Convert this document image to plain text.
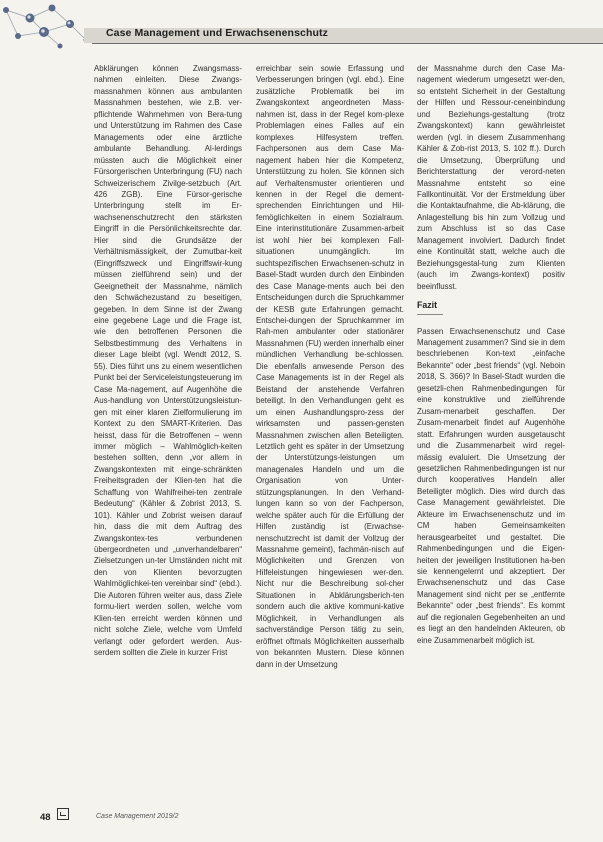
Case Management und Erwachsenenschutz

Abklärungen können Zwangsmass-nahmen einleiten. Diese Zwangs-massnahmen können aus ambulanten Massnahmen bestehen, wie z.B. ver-pflichtende Wahrnehmen von Bera-tung und Unterstützung im Rahmen des Case Managements oder eine ärztliche ambulante Behandlung. Al-lerdings müssten auch die Möglichkeit einer Fürsorgerischen Unterbringung (FU) nach Schweizerischem Zivilge-setzbuch (Art. 426 ZGB). Eine Fürsor-gerische Unterbringung stellt im Er-wachsenenschutzrecht den stärksten Eingriff in die Persönlichkeitsrechte dar. Hier sind die Grundsätze der Verhältnismässigkeit, der Zumutbar-keit (Eingriffszweck und Eingriffswir-kung müssen zielführend sein) und der Geeignetheit der Massnahme, nämlich den Schwächezustand zu beseitigen, gegeben. In dem Sinne ist der Zwang eine gegebene Lage und die Frage ist, wie den betroffenen Personen die Selbstbestimmung des Verhaltens in dieser Lage bleibt (vgl. Wendt 2012, S. 55). Dies führt uns zu einem wesentlichen Punkt bei der Serviceleistungsteuerung im Case Ma-nagement, auf Augenhöhe die Aus-handlung von Unterstützungsleistun-gen mit einer klaren Zielformulierung im Kontext zu den SMART-Kriterien. Das heisst, dass für die Betroffenen – wenn immer möglich – Wahlmöglich-keiten bestehen sollten, denn „vor allem in Zwangskontexten mit einge-schränkten Freiheitsgraden der Klien-ten hat die Schaffung von Wahlfreihei-ten zentrale Bedeutung“ (Kähler & Zobrist 2013, S. 101). Kähler und Zobrist weisen darauf hin, dass die mit dem Auftrag des Zwangskontex-tes verbundenen übergeordneten und „unverhandelbaren“ Zielsetzungen un-ter Umständen nicht mit den von Klienten bevorzugten Wahlmöglichkei-ten vereinbar sind“ (ebd.). Die Autoren führen weiter aus, dass Ziele formu-liert werden sollen, welche vom Klien-ten erreicht werden können und nicht solche Ziele, welche vom Umfeld verlangt oder gefordert werden. Aus-serdem sollten die Ziele in kurzer Frist

erreichbar sein sowie Erfassung und Verbesserungen bringen (vgl. ebd.). Eine zusätzliche Problematik bei im Zwangskontext angeordneten Mass-nahmen ist, dass in der Regel kom-plexe Problemlagen eines Falles auf ein komplexes Hilfesystem treffen. Fachpersonen aus dem Case Ma-nagement haben hier die Kompetenz, Unterstützung zu holen. Sie können sich auf Verhaltensmuster orientieren und kennen in der Regel die dement-sprechenden Einrichtungen und Hil-femöglichkeiten in einem Sozialraum. Eine interinstitutionäre Zusammen-arbeit ist wohl hier bei komplexen Fall-situationen unumgänglich. Im suchtspezifischen Erwachsenen-schutz in Basel-Stadt wurden durch den Einbinden des Case Manage-ments auch bei den Entscheidungen durch die Spruchkammer der KESB gute Erfahrungen gemacht. Entschei-dungen der Spruchkammer im Rah-men ambulanter oder stationärer Massnahmen (FU) werden innerhalb einer mündlichen Verhandlung be-schlossen. Die ebenfalls anwesende Person des Case Managements ist in der Regel als Beistand der anstehende Verfahren beteiligt. In den Verhandlungen geht es um einen Aushandlungspro-zess der wirksamsten und passen-gensten Massnahmen zwischen allen Beteiligten. Letztlich geht es später in der Umsetzung der Unterstützungs-leistungen um managenales Handeln und um die Organisation von Unter-stützungsplanungen. In den Verhand-lungen kann so von der Fachperson, welche später auch für die Erfüllung der Hilfen zuständig ist (Erwachse-nenschutzrecht ist damit der Vollzug der Massnahme gemeint), fachmän-nisch auf Möglichkeiten und Grenzen von Hilfeleistungen hingewiesen wer-den. Nicht nur die Beschreibung sol-cher Situationen in Abklärungsberich-ten sondern auch die aktive kommuni-kative Möglichkeit, in Verhandlungen als sachverständige Person tätig zu sein, eröffnet oftmals Möglichkeiten ausserhalb von bekannten Mustern. Diese können dann in der Umsetzung

der Massnahme durch den Case Ma-nagement wiederum umgesetzt wer-den, so entsteht Sicherheit in der Gestaltung der Hilfen und Ressour-ceneinbindung und Beziehungs-gestaltung (trotz Zwangskontext) kann gewährleistet werden (vgl. in diesem Zusammenhang Kähler & Zob-rist 2013, S. 102 ff.). Durch die Umsetzung, Überprüfung und Berichterstattung der verord-neten Massnahme entsteht so eine Fallkontinuität. Vor der Erstmeldung über die Kontaktaufnahme, die Ab-klärung, die Anlagestellung bis hin zum Vollzug und zum Abschluss ist so das Case Management involviert. Dadurch findet eine Kontinuität statt, welche auch die Beziehungsgestal-tung zum Klienten (auch im Zwangs-kontext) positiv beeinflusst.

Fazit

Passen Erwachsenenschutz und Case Management zusammen? Sind sie in dem beschriebenen Kon-text „einfache Bekannte“ oder „best friends“ (vgl. Neboin 2018, S. 366)? In Basel-Stadt wurden die gesetzli-chen Rahmenbedingungen für eine konstruktive und zielführende Zusam-menarbeit geschaffen. Der Zusam-menarbeit findet auf Augenhöhe statt. Erfahrungen wurden ausgetauscht und die Zusammenarbeit wird regel-mässig evaluiert. Die Umsetzung der gesetzlichen Rahmenbedingungen ist nur durch kooperatives Handeln aller Beteiligter möglich. Dies wird durch das Case Management gewährleistet. Die Akteure im Erwachsenenschutz und im CM haben Gemeinsamkeiten herausgearbeitet und gestaltet. Die Rahmenbedingungen und die Eigen-heiten der jeweiligen Institutionen ha-ben sie kennengelernt und akzeptiert. Der Erwachsenenschutz und das Case Management sind nicht per se „entfernte Bekannte“ oder „best friends“. Es kommt auf die regionalen Gegebenheiten an und es liegt an den handelnden Akteuren, ob eine Zusammenarbeit möglich ist.

48	Case Management 2019/2
